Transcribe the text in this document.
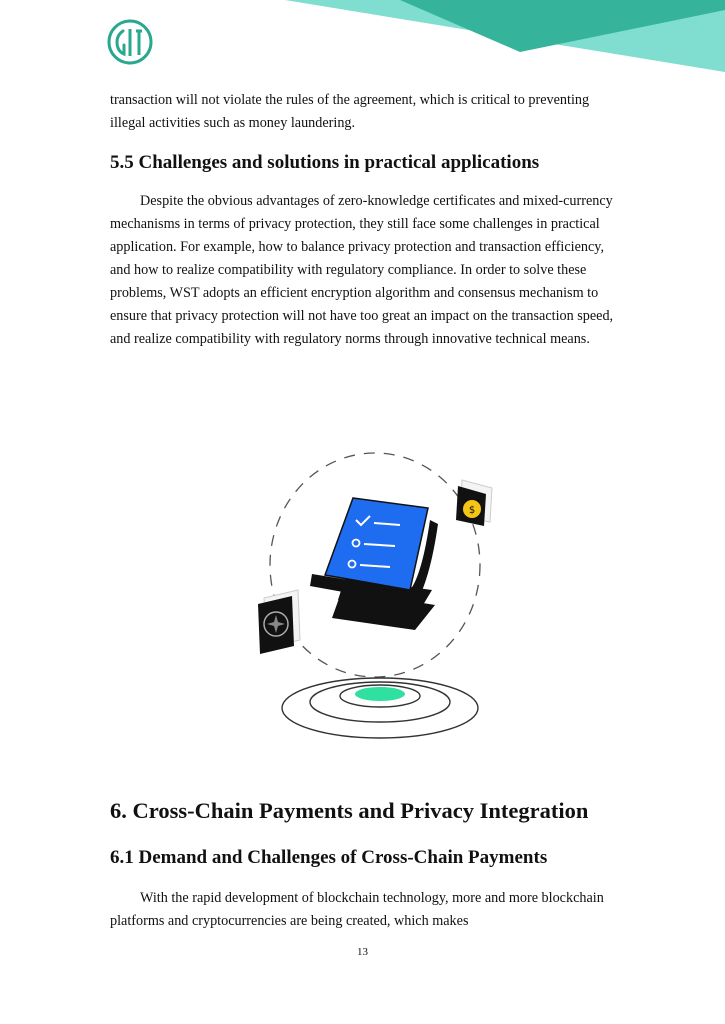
transaction will not violate the rules of the agreement, which is critical to preventing illegal activities such as money laundering.

5.5 Challenges and solutions in practical applications

Despite the obvious advantages of zero-knowledge certificates and mixed-currency mechanisms in terms of privacy protection, they still face some challenges in practical application. For example, how to balance privacy protection and transaction efficiency, and how to realize compatibility with regulatory compliance. In order to solve these problems, WST adopts an efficient encryption algorithm and consensus mechanism to ensure that privacy protection will not have too great an impact on the transaction speed, and realize compatibility with regulatory norms through innovative technical means.

$
6. Cross-Chain Payments and Privacy Integration
6.1 Demand and Challenges of Cross-Chain Payments

With the rapid development of blockchain technology, more and more blockchain platforms and cryptocurrencies are being created, which makes

13
